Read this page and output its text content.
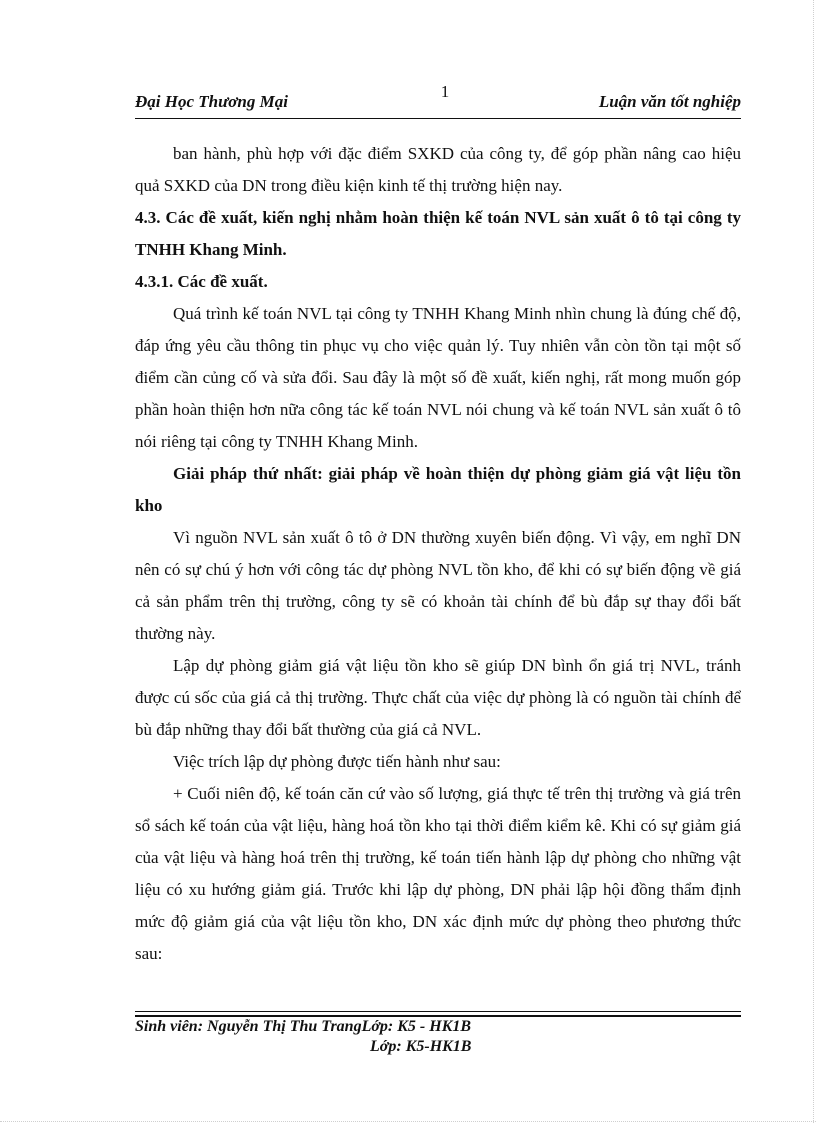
1
Đại Học Thương Mại	Luận văn tốt nghiệp

ban hành, phù hợp với đặc điểm SXKD của công ty, để góp phần nâng cao hiệu quả SXKD của DN trong điều kiện kinh tế thị trường hiện nay.

4.3. Các đề xuất, kiến nghị nhằm hoàn thiện kế toán NVL sản xuất ô tô tại công ty TNHH Khang Minh.

4.3.1. Các đề xuất.

Quá trình kế toán NVL tại công ty TNHH Khang Minh nhìn chung là đúng chế độ, đáp ứng yêu cầu thông tin phục vụ cho việc quản lý. Tuy nhiên vẫn còn tồn tại một số điểm cần củng cố và sửa đổi. Sau đây là một số đề xuất, kiến nghị, rất mong muốn góp phần hoàn thiện hơn nữa công tác kế toán NVL nói chung và kế toán NVL sản xuất ô tô nói riêng tại công ty TNHH Khang Minh.

Giải pháp thứ nhất: giải pháp về hoàn thiện dự phòng giảm giá vật liệu tồn kho

Vì nguồn NVL sản xuất ô tô ở DN thường xuyên biến động. Vì vậy, em nghĩ DN nên có sự chú ý hơn với công tác dự phòng NVL tồn kho, để khi có sự biến động về giá cả sản phẩm trên thị trường, công ty sẽ có khoản tài chính để bù đắp sự thay đổi bất thường này.

Lập dự phòng giảm giá vật liệu tồn kho sẽ giúp DN bình ổn giá trị NVL, tránh được cú sốc của giá cả thị trường. Thực chất của việc dự phòng là có nguồn tài chính để bù đắp những thay đổi bất thường của giá cả NVL.

Việc trích lập dự phòng được tiến hành như sau:

+ Cuối niên độ, kế toán căn cứ vào số lượng, giá thực tế trên thị trường và giá trên sổ sách kế toán của vật liệu, hàng hoá tồn kho tại thời điểm kiểm kê. Khi có sự giảm giá của vật liệu và hàng hoá trên thị trường, kế toán tiến hành lập dự phòng cho những vật liệu có xu hướng giảm giá. Trước khi lập dự phòng, DN phải lập hội đồng thẩm định mức độ giảm giá của vật liệu tồn kho, DN xác định mức dự phòng theo phương thức sau:

Sinh viên: Nguyễn Thị Thu TrangLớp: K5 - HK1B
Lớp: K5-HK1B
